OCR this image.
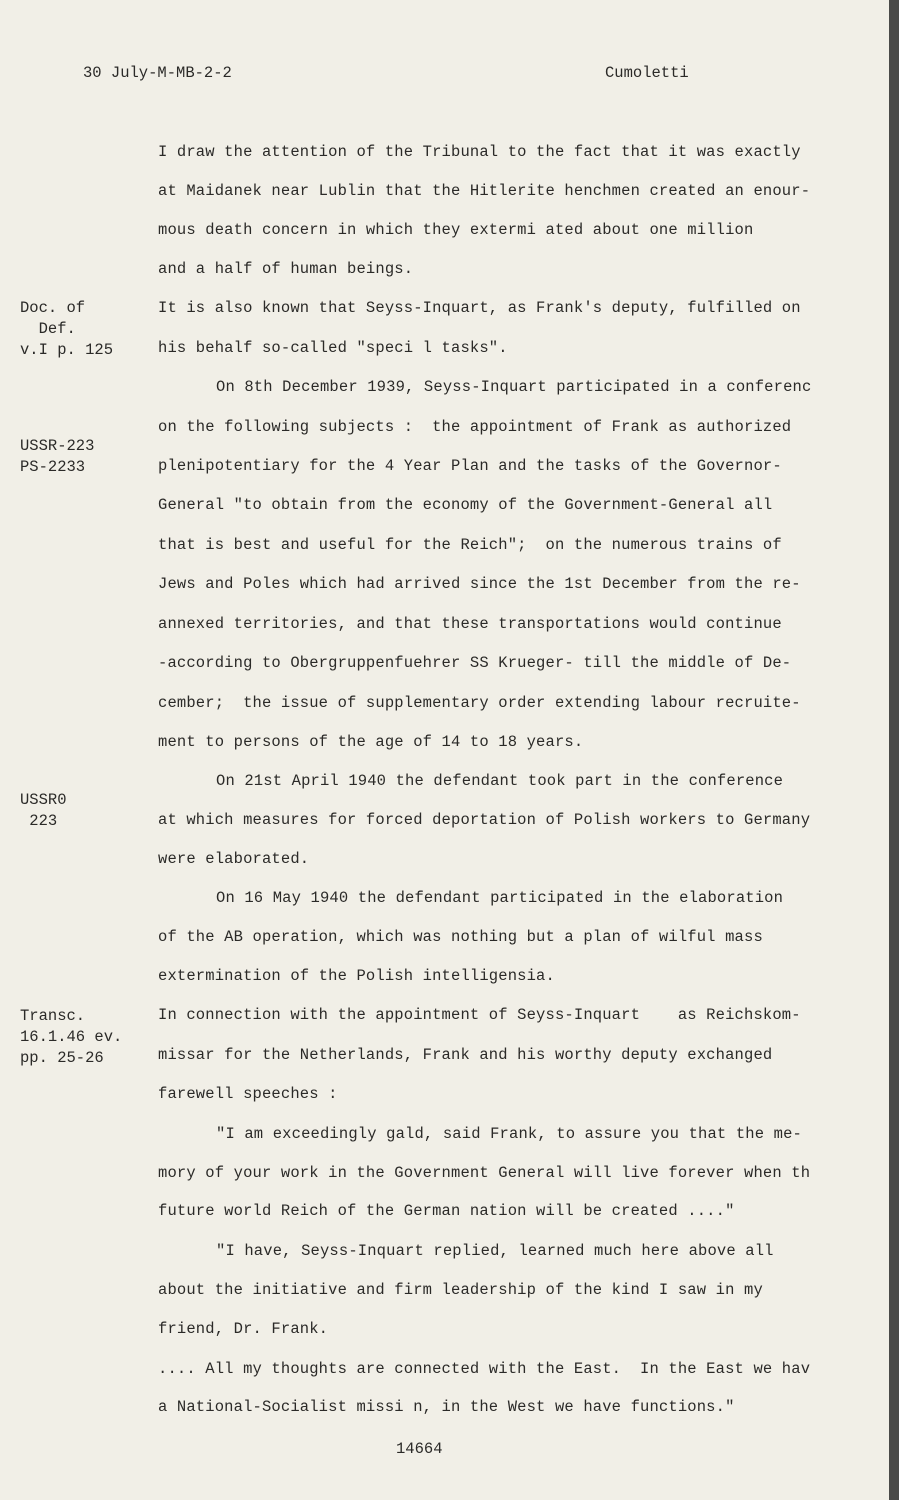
30 July-M-MB-2-2	Cumoletti
Doc. of
Def.
v.I p. 125
USSR-223
PS-2233
USSR0
223
Transc.
16.1.46 ev.
pp. 25-26
I draw the attention of the Tribunal to the fact that it was exactly
at Maidanek near Lublin that the Hitlerite henchmen created an enour-
mous death concern in which they extermi ated about one million
and a half of human beings.
It is also known that Seyss-Inquart, as Frank's deputy, fulfilled on
his behalf so-called "speci l tasks".
On 8th December 1939, Seyss-Inquart participated in a conferenc
on the following subjects :  the appointment of Frank as authorized
plenipotentiary for the 4 Year Plan and the tasks of the Governor-
General "to obtain from the economy of the Government-General all
that is best and useful for the Reich";  on the numerous trains of
Jews and Poles which had arrived since the 1st December from the re-
annexed territories, and that these transportations would continue
-according to Obergruppenfuehrer SS Krueger- till the middle of De-
cember;  the issue of supplementary order extending labour recruite-
ment to persons of the age of 14 to 18 years.
On 21st April 1940 the defendant took part in the conference
at which measures for forced deportation of Polish workers to Germany
were elaborated.
On 16 May 1940 the defendant participated in the elaboration
of the AB operation, which was nothing but a plan of wilful mass
extermination of the Polish intelligensia.
In connection with the appointment of Seyss-Inquart    as Reichskom-
missar for the Netherlands, Frank and his worthy deputy exchanged
farewell speeches :
"I am exceedingly gald, said Frank, to assure you that the me-
mory of your work in the Government General will live forever when th
future world Reich of the German nation will be created ...."
"I have, Seyss-Inquart replied, learned much here above all
about the initiative and firm leadership of the kind I saw in my
friend, Dr. Frank.
.... All my thoughts are connected with the East.  In the East we hav
a National-Socialist missi n, in the West we have functions."
14664
